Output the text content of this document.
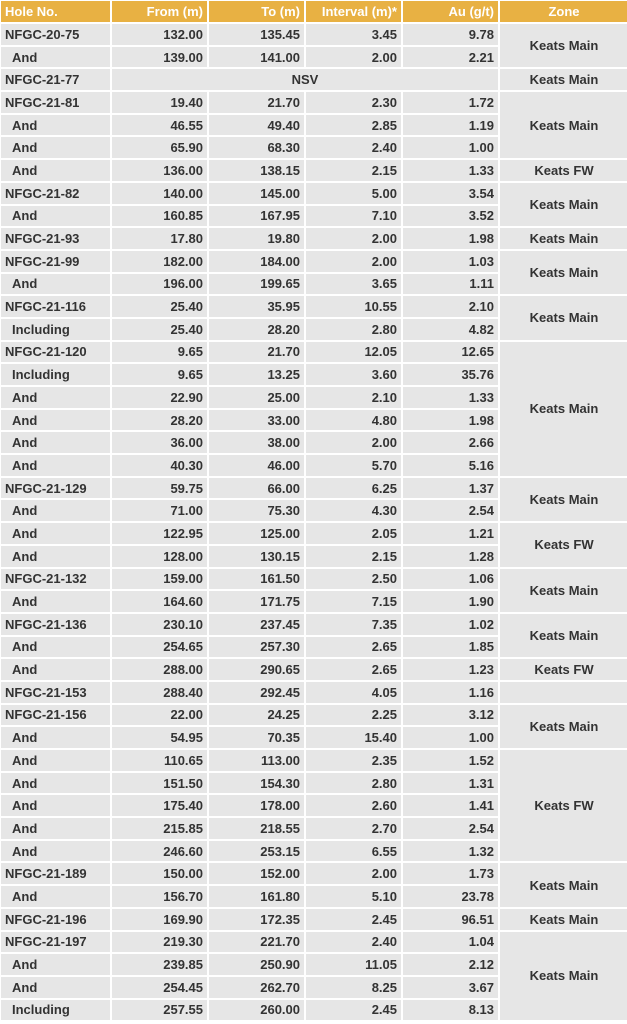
Hole No.	From (m)	To (m)	Interval (m)*	Au (g/t)	Zone
NFGC-20-75	132.00	135.45	3.45	9.78	Keats Main
And	139.00	141.00	2.00	2.21	
NFGC-21-77	NSV				Keats Main
NFGC-21-81	19.40	21.70	2.30	1.72	Keats Main
And	46.55	49.40	2.85	1.19	
And	65.90	68.30	2.40	1.00	
And	136.00	138.15	2.15	1.33	Keats FW
NFGC-21-82	140.00	145.00	5.00	3.54	Keats Main
And	160.85	167.95	7.10	3.52	
NFGC-21-93	17.80	19.80	2.00	1.98	Keats Main
NFGC-21-99	182.00	184.00	2.00	1.03	Keats Main
And	196.00	199.65	3.65	1.11	
NFGC-21-116	25.40	35.95	10.55	2.10	Keats Main
Including	25.40	28.20	2.80	4.82	
NFGC-21-120	9.65	21.70	12.05	12.65	Keats Main
Including	9.65	13.25	3.60	35.76	
And	22.90	25.00	2.10	1.33	
And	28.20	33.00	4.80	1.98	
And	36.00	38.00	2.00	2.66	
And	40.30	46.00	5.70	5.16	
NFGC-21-129	59.75	66.00	6.25	1.37	Keats Main
And	71.00	75.30	4.30	2.54	
And	122.95	125.00	2.05	1.21	Keats FW
And	128.00	130.15	2.15	1.28	
NFGC-21-132	159.00	161.50	2.50	1.06	Keats Main
And	164.60	171.75	7.15	1.90	
NFGC-21-136	230.10	237.45	7.35	1.02	Keats Main
And	254.65	257.30	2.65	1.85	
And	288.00	290.65	2.65	1.23	Keats FW
NFGC-21-153	288.40	292.45	4.05	1.16	
NFGC-21-156	22.00	24.25	2.25	3.12	Keats Main
And	54.95	70.35	15.40	1.00	
And	110.65	113.00	2.35	1.52	Keats FW
And	151.50	154.30	2.80	1.31	
And	175.40	178.00	2.60	1.41	
And	215.85	218.55	2.70	2.54	
And	246.60	253.15	6.55	1.32	
NFGC-21-189	150.00	152.00	2.00	1.73	Keats Main
And	156.70	161.80	5.10	23.78	
NFGC-21-196	169.90	172.35	2.45	96.51	Keats Main
NFGC-21-197	219.30	221.70	2.40	1.04	Keats Main
And	239.85	250.90	11.05	2.12	
And	254.45	262.70	8.25	3.67	
Including	257.55	260.00	2.45	8.13	
